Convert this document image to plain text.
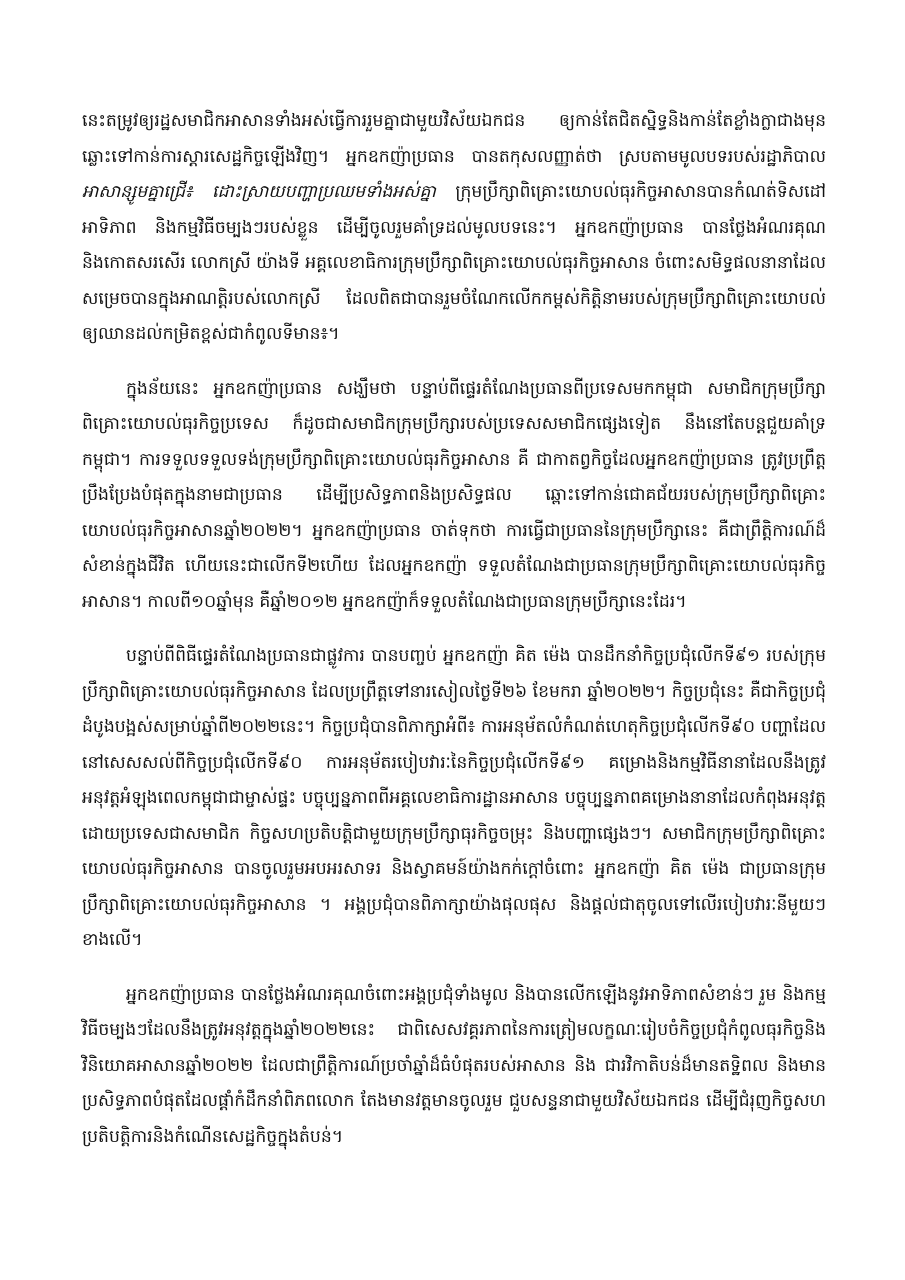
នេះតម្រូវឲ្យរដ្ឋសមាជិកអាសានទាំងអស់ធ្វើការរួមគ្នាជាមួយវិស័យឯកជន ឲ្យកាន់តែជិតស្និទ្ធនិងកាន់តែខ្លាំងក្លាជាងមុន ឆ្លោះទៅកាន់ការស្តារសេដ្ឋកិច្ចឡើងវិញ។ អ្នកឧកញ៉ាប្រធាន បានតកុសលញ្ញាត់ថា ស្របតាមមូលបទរបស់រដ្ឋាភិបាល អាសាន្សូមគ្នាជ្រើ៖ ដោះស្រាយបញ្ហាប្រឈមទាំងអស់គ្នា ក្រុមប្រឹក្សាពិគ្រោះយោបល់ធុរកិច្ចអាសានបានកំណត់ទិសដៅអាទិភាព និងកម្មវិធីចម្បងៗរបស់ខ្លួន ដើម្បីចូលរួមគាំទ្រដល់មូលបទនេះ។ អ្នកឧកញ៉ាប្រធាន បានថ្លែងអំណរគុណ និងកោតសរសើរ លោកស្រី យ៉ាងទី អគ្គលេខាធិការក្រុមប្រឹក្សាពិគ្រោះយោបល់ធុរកិច្ចអាសាន ចំពោះសមិទ្ធផលនានាដែលសម្រេចបានក្នុងអាណត្តិរបស់លោកស្រី ដែលពិតជាបានរួមចំណែកលើកកម្ពស់កិត្តិនាមរបស់ក្រុមប្រឹក្សាពិគ្រោះយោបល់ឲ្យឈានដល់កម្រិតខ្ពស់ជាកំពូលទីមាន៖។

ក្នុងន័យនេះ អ្នកឧកញ៉ាប្រធាន សង្ឃឹមថា បន្ទាប់ពីផ្ទេរតំណែងប្រធានពីប្រទេសមកកម្ពុជា សមាជិកក្រុមប្រឹក្សាពិគ្រោះយោបល់ធុរកិច្ចប្រទេស ក៏ដូចជាសមាជិកក្រុមប្រឹក្សារបស់ប្រទេសសមាជិកផ្សេងទៀត នឹងនៅតែបន្តជួយគាំទ្រកម្ពុជា។ ការទទួលទទួលទង់ក្រុមប្រឹក្សាពិគ្រោះយោបល់ធុរកិច្ចអាសាន គឺ ជាកាតព្វកិច្ចដែលអ្នកឧកញ៉ាប្រធាន ត្រូវប្រព្រឹត្ត ប្រឹងប្រែងបំផុតក្នុងនាមជាប្រធាន ដើម្បីប្រសិទ្ធភាពនិងប្រសិទ្ធផល ឆ្ពោះទៅកាន់ជោគជ័យរបស់ក្រុមប្រឹក្សាពិគ្រោះយោបល់ធុរកិច្ចអាសានឆ្នាំ២០២២។ អ្នកឧកញ៉ាប្រធាន ចាត់ទុកថា ការធ្វើជាប្រធាននៃក្រុមប្រឹក្សានេះ គឺជាព្រឹត្តិការណ៍ដ៏សំខាន់ក្នុងជីវិត ហើយនេះជាលើកទី២ហើយ ដែលអ្នកឧកញ៉ា ទទួលតំណែងជាប្រធានក្រុមប្រឹក្សាពិគ្រោះយោបល់ធុរកិច្ចអាសាន។ កាលពី១០ឆ្នាំមុន គឺឆ្នាំ២០១២ អ្នកឧកញ៉ាក៏ទទួលតំណែងជាប្រធានក្រុមប្រឹក្សានេះដែរ។

បន្ទាប់ពីពិធីផ្ទេរតំណែងប្រធានជាផ្លូវការ បានបញ្ចប់ អ្នកឧកញ៉ា គិត ម៉េង បានដឹកនាំកិច្ចប្រជុំលើកទី៩១ របស់ក្រុមប្រឹក្សាពិគ្រោះយោបល់ធុរកិច្ចអាសាន ដែលប្រព្រឹត្តទៅនារសៀលថ្ងៃទី២៦ ខែមករា ឆ្នាំ២០២២។ កិច្ចប្រជុំនេះ គឺជាកិច្ចប្រជុំដំបូងបង្អស់សម្រាប់ឆ្នាំពី២០២២នេះ។ កិច្ចប្រជុំបានពិភាក្សាអំពី៖ ការអនុម័តលំកំណត់ហេតុកិច្ចប្រជុំលើកទី៩០ បញ្ហាដែលនៅសេសសល់ពីកិច្ចប្រជុំលើកទី៩០ ការអនុម័តរបៀបវារៈនៃកិច្ចប្រជុំលើកទី៩១ គម្រោងនិងកម្មវិធីនានាដែលនឹងត្រូវអនុវត្តអំឡុងពេលកម្ពុជាជាម្ចាស់ផ្ទះ បច្ចុប្បន្នភាពពីអគ្គលេខាធិការដ្ឋានអាសាន បច្ចុប្បន្នភាពគម្រោងនានាដែលកំពុងអនុវត្តដោយប្រទេសជាសមាជិក កិច្ចសហប្រតិបត្តិជាមួយក្រុមប្រឹក្សាធុរកិច្ចចម្រុះ និងបញ្ហាផ្សេងៗ។ សមាជិកក្រុមប្រឹក្សាពិគ្រោះយោបល់ធុរកិច្ចអាសាន បានចូលរួមអបអរសាទរ និងស្វាគមន៍យ៉ាងកក់ក្តៅចំពោះ អ្នកឧកញ៉ា គិត ម៉េង ជាប្រធានក្រុមប្រឹក្សាពិគ្រោះយោបល់ធុរកិច្ចអាសាន ។ អង្គប្រជុំបានពិភាក្សាយ៉ាងផុលផុស និងផ្តល់ជាតុចូលទៅលើរបៀបវារៈនីមួយៗខាងលើ។

អ្នកឧកញ៉ាប្រធាន បានថ្លែងអំណរគុណចំពោះអង្គប្រជុំទាំងមូល និងបានលើកឡើងនូវអាទិភាពសំខាន់ៗ រួម និងកម្មវិធីចម្បងៗដែលនឹងត្រូវអនុវត្តក្នុងឆ្នាំ២០២២នេះ ជាពិសេសវគ្គរភាពនៃការត្រៀមលក្ខណៈរៀបចំកិច្ចប្រជុំកំពូលធុរកិច្ចនិងវិនិយោគអាសានឆ្នាំ២០២២ ដែលជាព្រឹត្តិការណ៍ប្រចាំឆ្នាំដ៏ធំបំផុតរបស់អាសាន និង ជារវិកាតិបន់ដ៏មានតទ្ឋិពល និងមានប្រសិទ្ធភាពបំផុតដែលផ្តាំកំដឹកនាំពិភពលោក តែងមានវត្តមានចូលរួម ជួបសន្ទនាជាមួយវិស័យឯកជន ដើម្បីជំរុញកិច្ចសហប្រតិបត្តិការនិងកំណើនសេដ្ឋកិច្ចក្នុងតំបន់។
